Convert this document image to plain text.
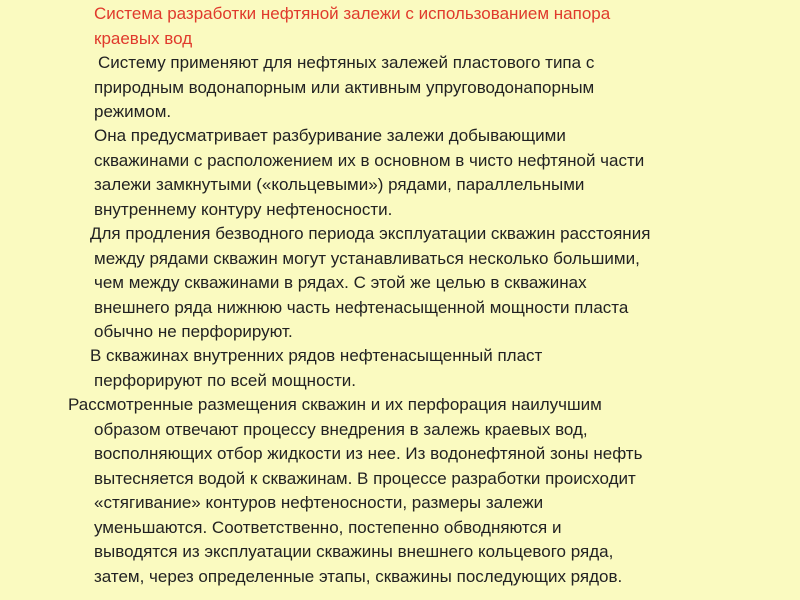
Система разработки нефтяной залежи с использованием напора
краевых вод
Систему применяют для нефтяных залежей пластового типа с
природным водонапорным или активным упруговодонапорным
режимом.
Она предусматривает разбуривание залежи добывающими
скважинами с расположением их в основном в чисто нефтяной части
залежи замкнутыми («кольцевыми») рядами, параллельными
внутреннему контуру нефтеносности.
Для продления безводного периода эксплуатации скважин расстояния
между рядами скважин могут устанавливаться несколько большими,
чем между скважинами в рядах. С этой же целью в скважинах
внешнего ряда нижнюю часть нефтенасыщенной мощности пласта
обычно не перфорируют.
В скважинах внутренних рядов нефтенасыщенный пласт
перфорируют по всей мощности.
Рассмотренные размещения скважин и их перфорация наилучшим
образом отвечают процессу внедрения в залежь краевых вод,
восполняющих отбор жидкости из нее. Из водонефтяной зоны нефть
вытесняется водой к скважинам. В процессе разработки происходит
«стягивание» контуров нефтеносности, размеры залежи
уменьшаются. Соответственно, постепенно обводняются и
выводятся из эксплуатации скважины внешнего кольцевого ряда,
затем, через определенные этапы, скважины последующих рядов.
